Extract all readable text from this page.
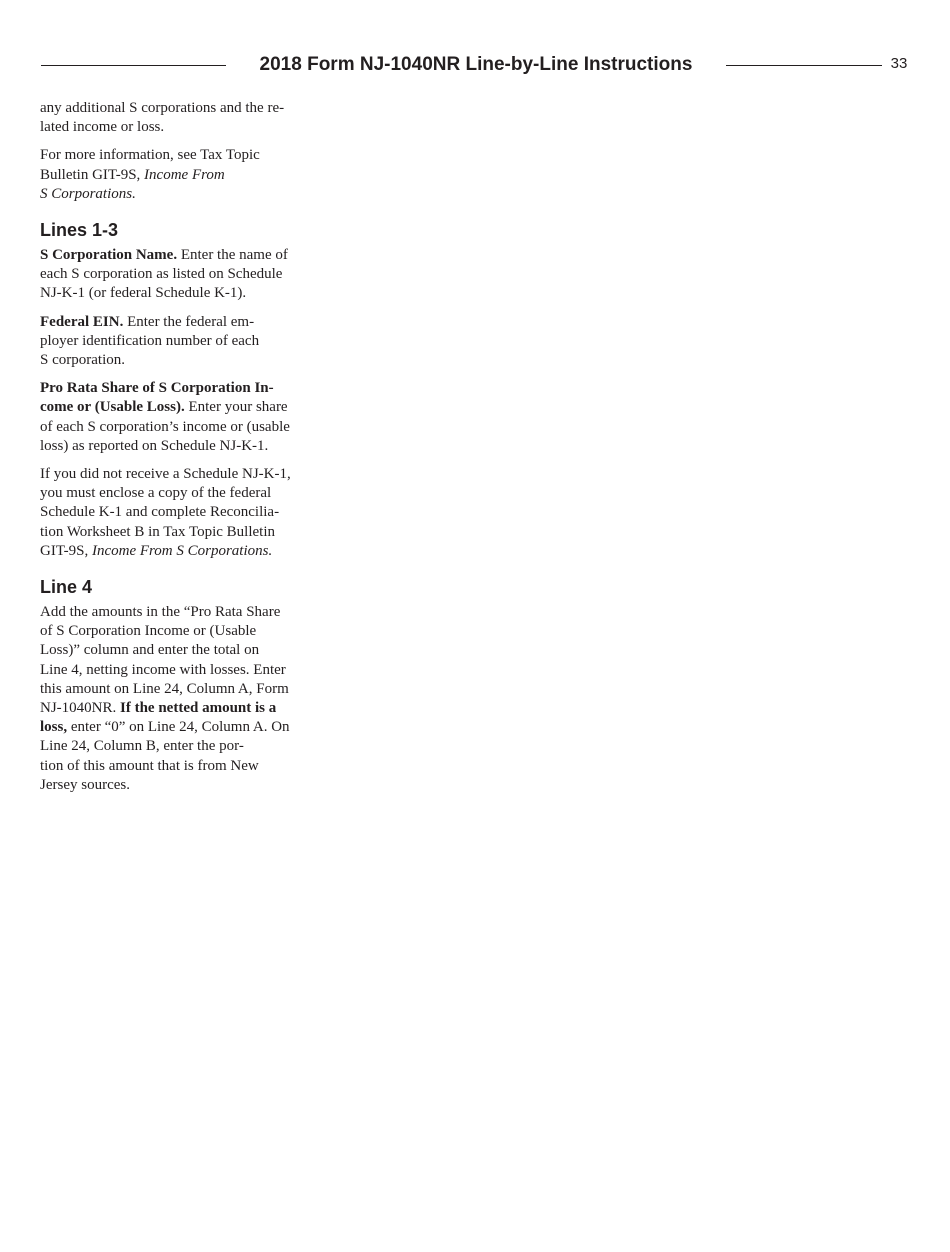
2018 Form NJ-1040NR Line-by-Line Instructions	33

any additional S corporations and the re-
lated income or loss.

For more information, see Tax Topic
Bulletin GIT-9S, Income From
S Corporations.

Lines 1-3

S Corporation Name. Enter the name of
each S corporation as listed on Schedule
NJ-K-1 (or federal Schedule K-1).

Federal EIN. Enter the federal em-
ployer identification number of each
S corporation.

Pro Rata Share of S Corporation In-
come or (Usable Loss). Enter your share
of each S corporation’s income or (usable
loss) as reported on Schedule NJ-K-1.

If you did not receive a Schedule NJ-K-1,
you must enclose a copy of the federal
Schedule K-1 and complete Reconcilia-
tion Worksheet B in Tax Topic Bulletin
GIT-9S, Income From S Corporations.

Line 4

Add the amounts in the “Pro Rata Share
of S Corporation Income or (Usable
Loss)” column and enter the total on
Line 4, netting income with losses. Enter
this amount on Line 24, Column A, Form
NJ-1040NR. If the netted amount is a
loss, enter “0” on Line 24, Column A. On
Line 24, Column B, enter the por-
tion of this amount that is from New
Jersey sources.
